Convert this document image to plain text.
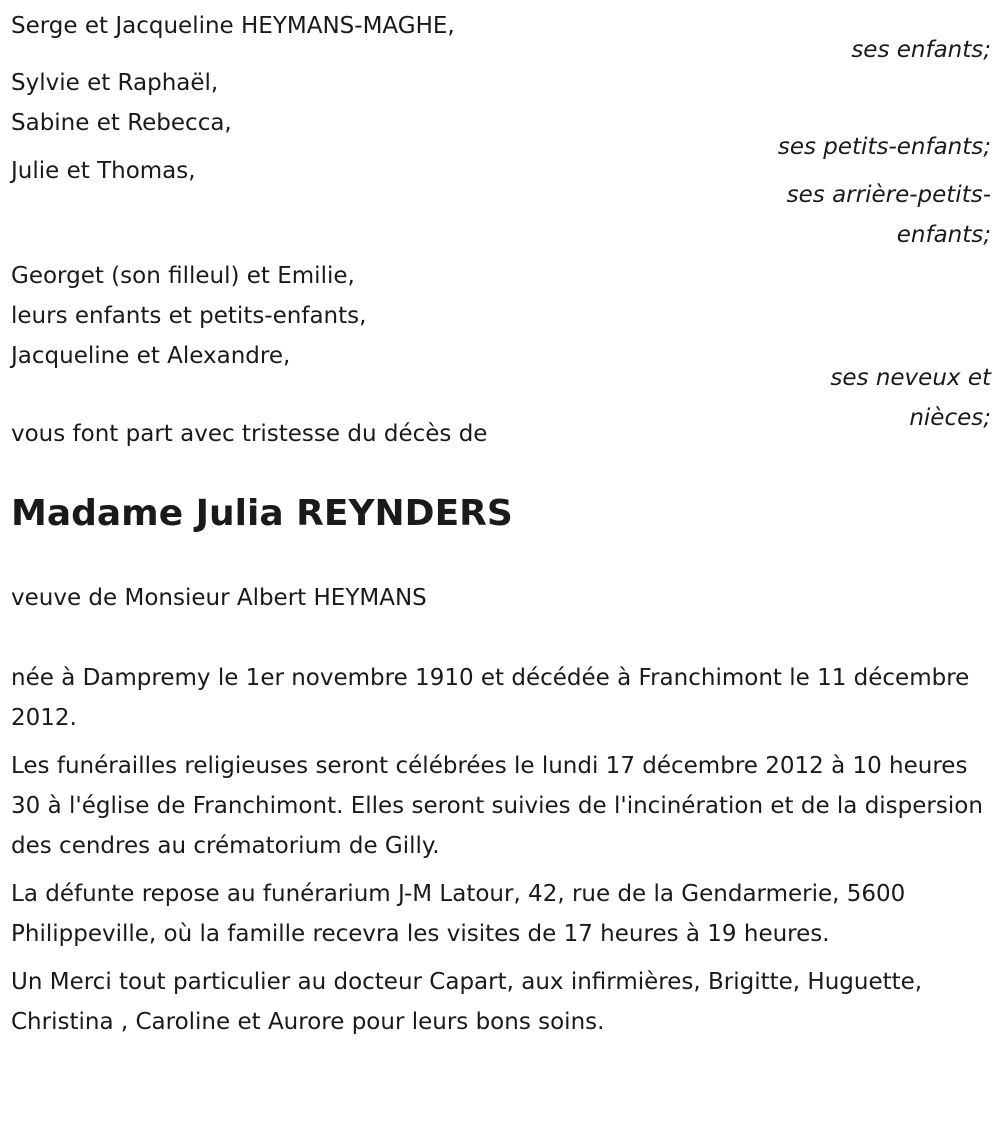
Serge et Jacqueline HEYMANS-MAGHE,
ses enfants;
Sylvie et Raphaël,
Sabine et Rebecca,
ses petits-enfants;
Julie et Thomas,
ses arrière-petits-
enfants;
Georget (son filleul) et Emilie,
leurs enfants et petits-enfants,
Jacqueline et Alexandre,
ses neveux et
nièces;
vous font part avec tristesse du décès de
Madame Julia REYNDERS
veuve de Monsieur Albert HEYMANS
née à Dampremy le 1er novembre 1910 et décédée à Franchimont le 11 décembre 2012.
Les funérailles religieuses seront célébrées le lundi 17 décembre 2012 à 10 heures 30 à l'église de Franchimont. Elles seront suivies de l'incinération et de la dispersion des cendres au crématorium de Gilly.
La défunte repose au funérarium J-M Latour, 42, rue de la Gendarmerie, 5600 Philippeville, où la famille recevra les visites de 17 heures à 19 heures.
Un Merci tout particulier au docteur Capart, aux infirmières, Brigitte, Huguette, Christina , Caroline et Aurore pour leurs bons soins.
